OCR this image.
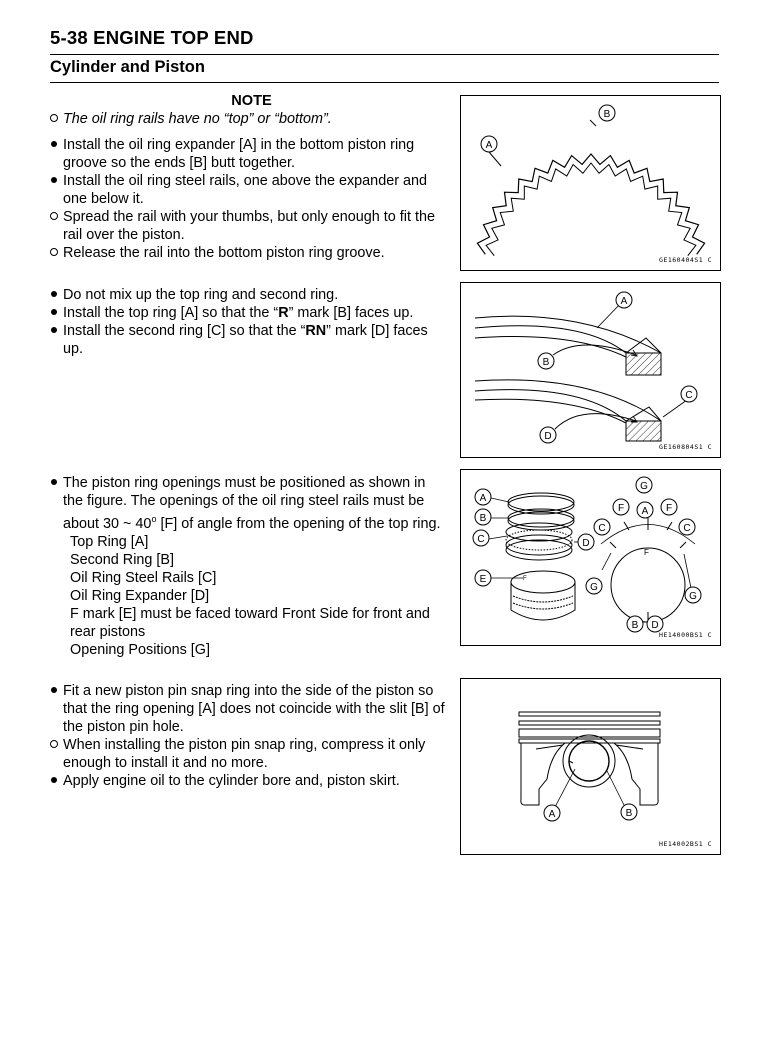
5-38 ENGINE TOP END
Cylinder and Piston
NOTE
The oil ring rails have no “top” or “bottom”.
Install the oil ring expander [A] in the bottom piston ring groove so the ends [B] butt together.
Install the oil ring steel rails, one above the expander and one below it.
Spread the rail with your thumbs, but only enough to fit the rail over the piston.
Release the rail into the bottom piston ring groove.
Do not mix up the top ring and second ring.
Install the top ring [A] so that the “R” mark [B] faces up.
Install the second ring [C] so that the “RN” mark [D] faces up.
The piston ring openings must be positioned as shown in the figure. The openings of the oil ring steel rails must be about 30 ~ 40$^o$ [F] of angle from the opening of the top ring.
Top Ring [A]
Second Ring [B]
Oil Ring Steel Rails [C]
Oil Ring Expander [D]
F mark [E] must be faced toward Front Side for front and rear pistons
Opening Positions [G]
Fit a new piston pin snap ring into the side of the piston so that the ring opening [A] does not coincide with the slit [B] of the piston pin hole.
When installing the piston pin snap ring, compress it only enough to install it and no more.
Apply engine oil to the cylinder bore and, piston skirt.
A
B
GE160404S1 C
A
B
C
D
GE160804S1 C
F
A
B
C	D
E
F
G
A
F	F
C	C
G
G
B D
HE14000BS1 C
A	B
HE14002BS1 C
